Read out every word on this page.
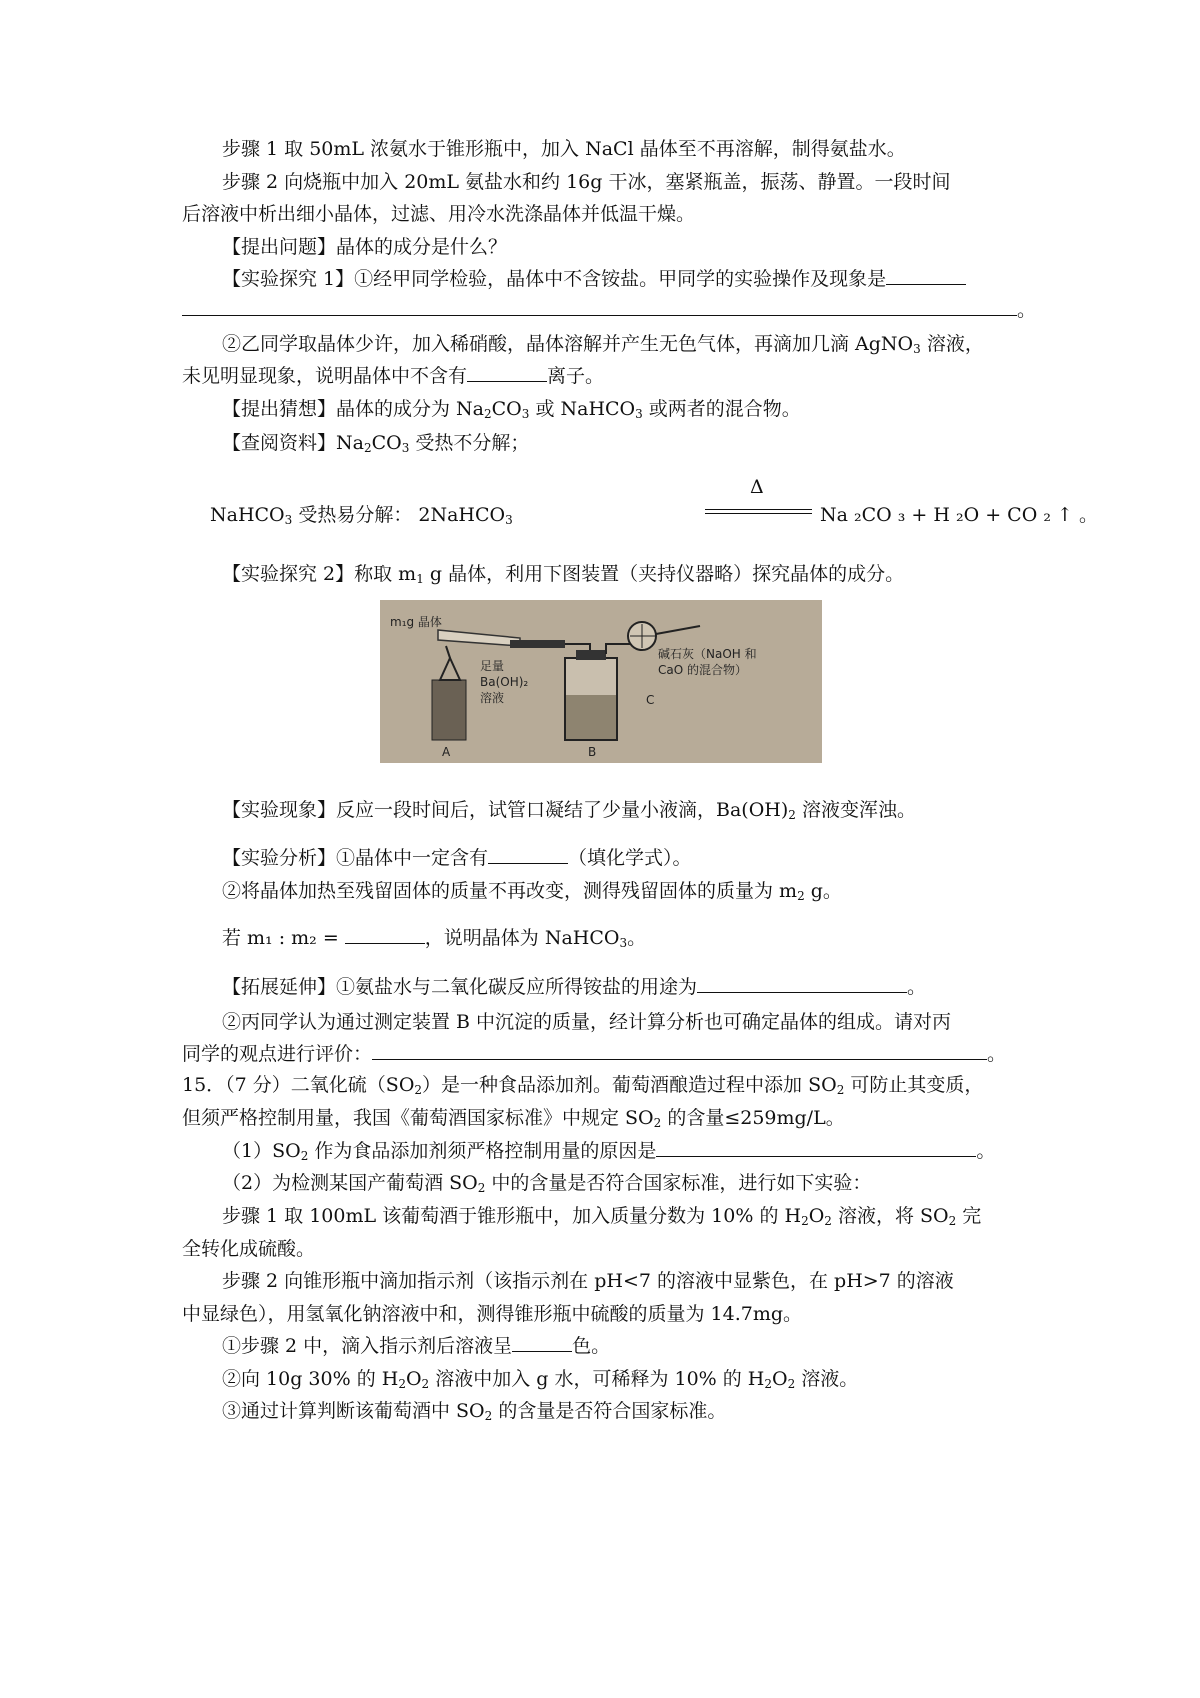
步骤 1 取 50mL 浓氨水于锥形瓶中，加入 NaCl 晶体至不再溶解，制得氨盐水。
步骤 2 向烧瓶中加入 20mL 氨盐水和约 16g 干冰，塞紧瓶盖，振荡、静置。一段时间
后溶液中析出细小晶体，过滤、用冷水洗涤晶体并低温干燥。
【提出问题】晶体的成分是什么？
【实验探究 1】①经甲同学检验，晶体中不含铵盐。甲同学的实验操作及现象是
。
②乙同学取晶体少许，加入稀硝酸，晶体溶解并产生无色气体，再滴加几滴 AgNO$_3$ 溶液，
未见明显现象，说明晶体中不含有	离子。
【提出猜想】晶体的成分为 $Na_2CO_3$ 或 NaHCO$_3$ 或两者的混合物。
【查阅资料】$Na_2CO_3$ 受热不分解；
NaHCO$_3$ 受热易分解： 2NaHCO$_3$
Δ
Na ₂CO ₃ + H ₂O + CO ₂ ↑ 。
【实验探究 2】称取 $m_1$ g 晶体，利用下图装置（夹持仪器略）探究晶体的成分。
m₁g 晶体
足量
Ba(OH)₂
溶液
碱石灰（NaOH 和
CaO 的混合物）
A	B
C
【实验现象】反应一段时间后，试管口凝结了少量小液滴，$Ba(OH)_2$ 溶液变浑浊。
【实验分析】①晶体中一定含有	（填化学式）。
②将晶体加热至残留固体的质量不再改变，测得残留固体的质量为 $m_2$ g。
若 m₁ : m₂ =	，说明晶体为 NaHCO$_3$。
【拓展延伸】①氨盐水与二氧化碳反应所得铵盐的用途为	。
②丙同学认为通过测定装置 B 中沉淀的质量，经计算分析也可确定晶体的组成。请对丙
同学的观点进行评价：	。
15．（7 分）二氧化硫$(SO_2)$是一种食品添加剂。葡萄酒酿造过程中添加 $SO_2$ 可防止其变质，
但须严格控制用量，我国《葡萄酒国家标准》中规定 $SO_2$ 的含量≤259mg/L。
$(1)SO_2$ 作为食品添加剂须严格控制用量的原因是	。
（2）为检测某国产葡萄酒 $SO_2$ 中的含量是否符合国家标准，进行如下实验：
步骤 1 取 100mL 该葡萄酒于锥形瓶中，加入质量分数为 10% 的 $H_2O_2$ 溶液，将 $SO_2$ 完
全转化成硫酸。
步骤 2 向锥形瓶中滴加指示剂（该指示剂在 pH<7 的溶液中显紫色，在 pH>7 的溶液
中显绿色），用氢氧化钠溶液中和，测得锥形瓶中硫酸的质量为 14.7mg。
①步骤 2 中，滴入指示剂后溶液呈	色。
②向 10g 30% 的 $H_2O_2$ 溶液中加入 g 水，可稀释为 10% 的 $H_2O_2$ 溶液。
③通过计算判断该葡萄酒中 $SO_2$ 的含量是否符合国家标准。
